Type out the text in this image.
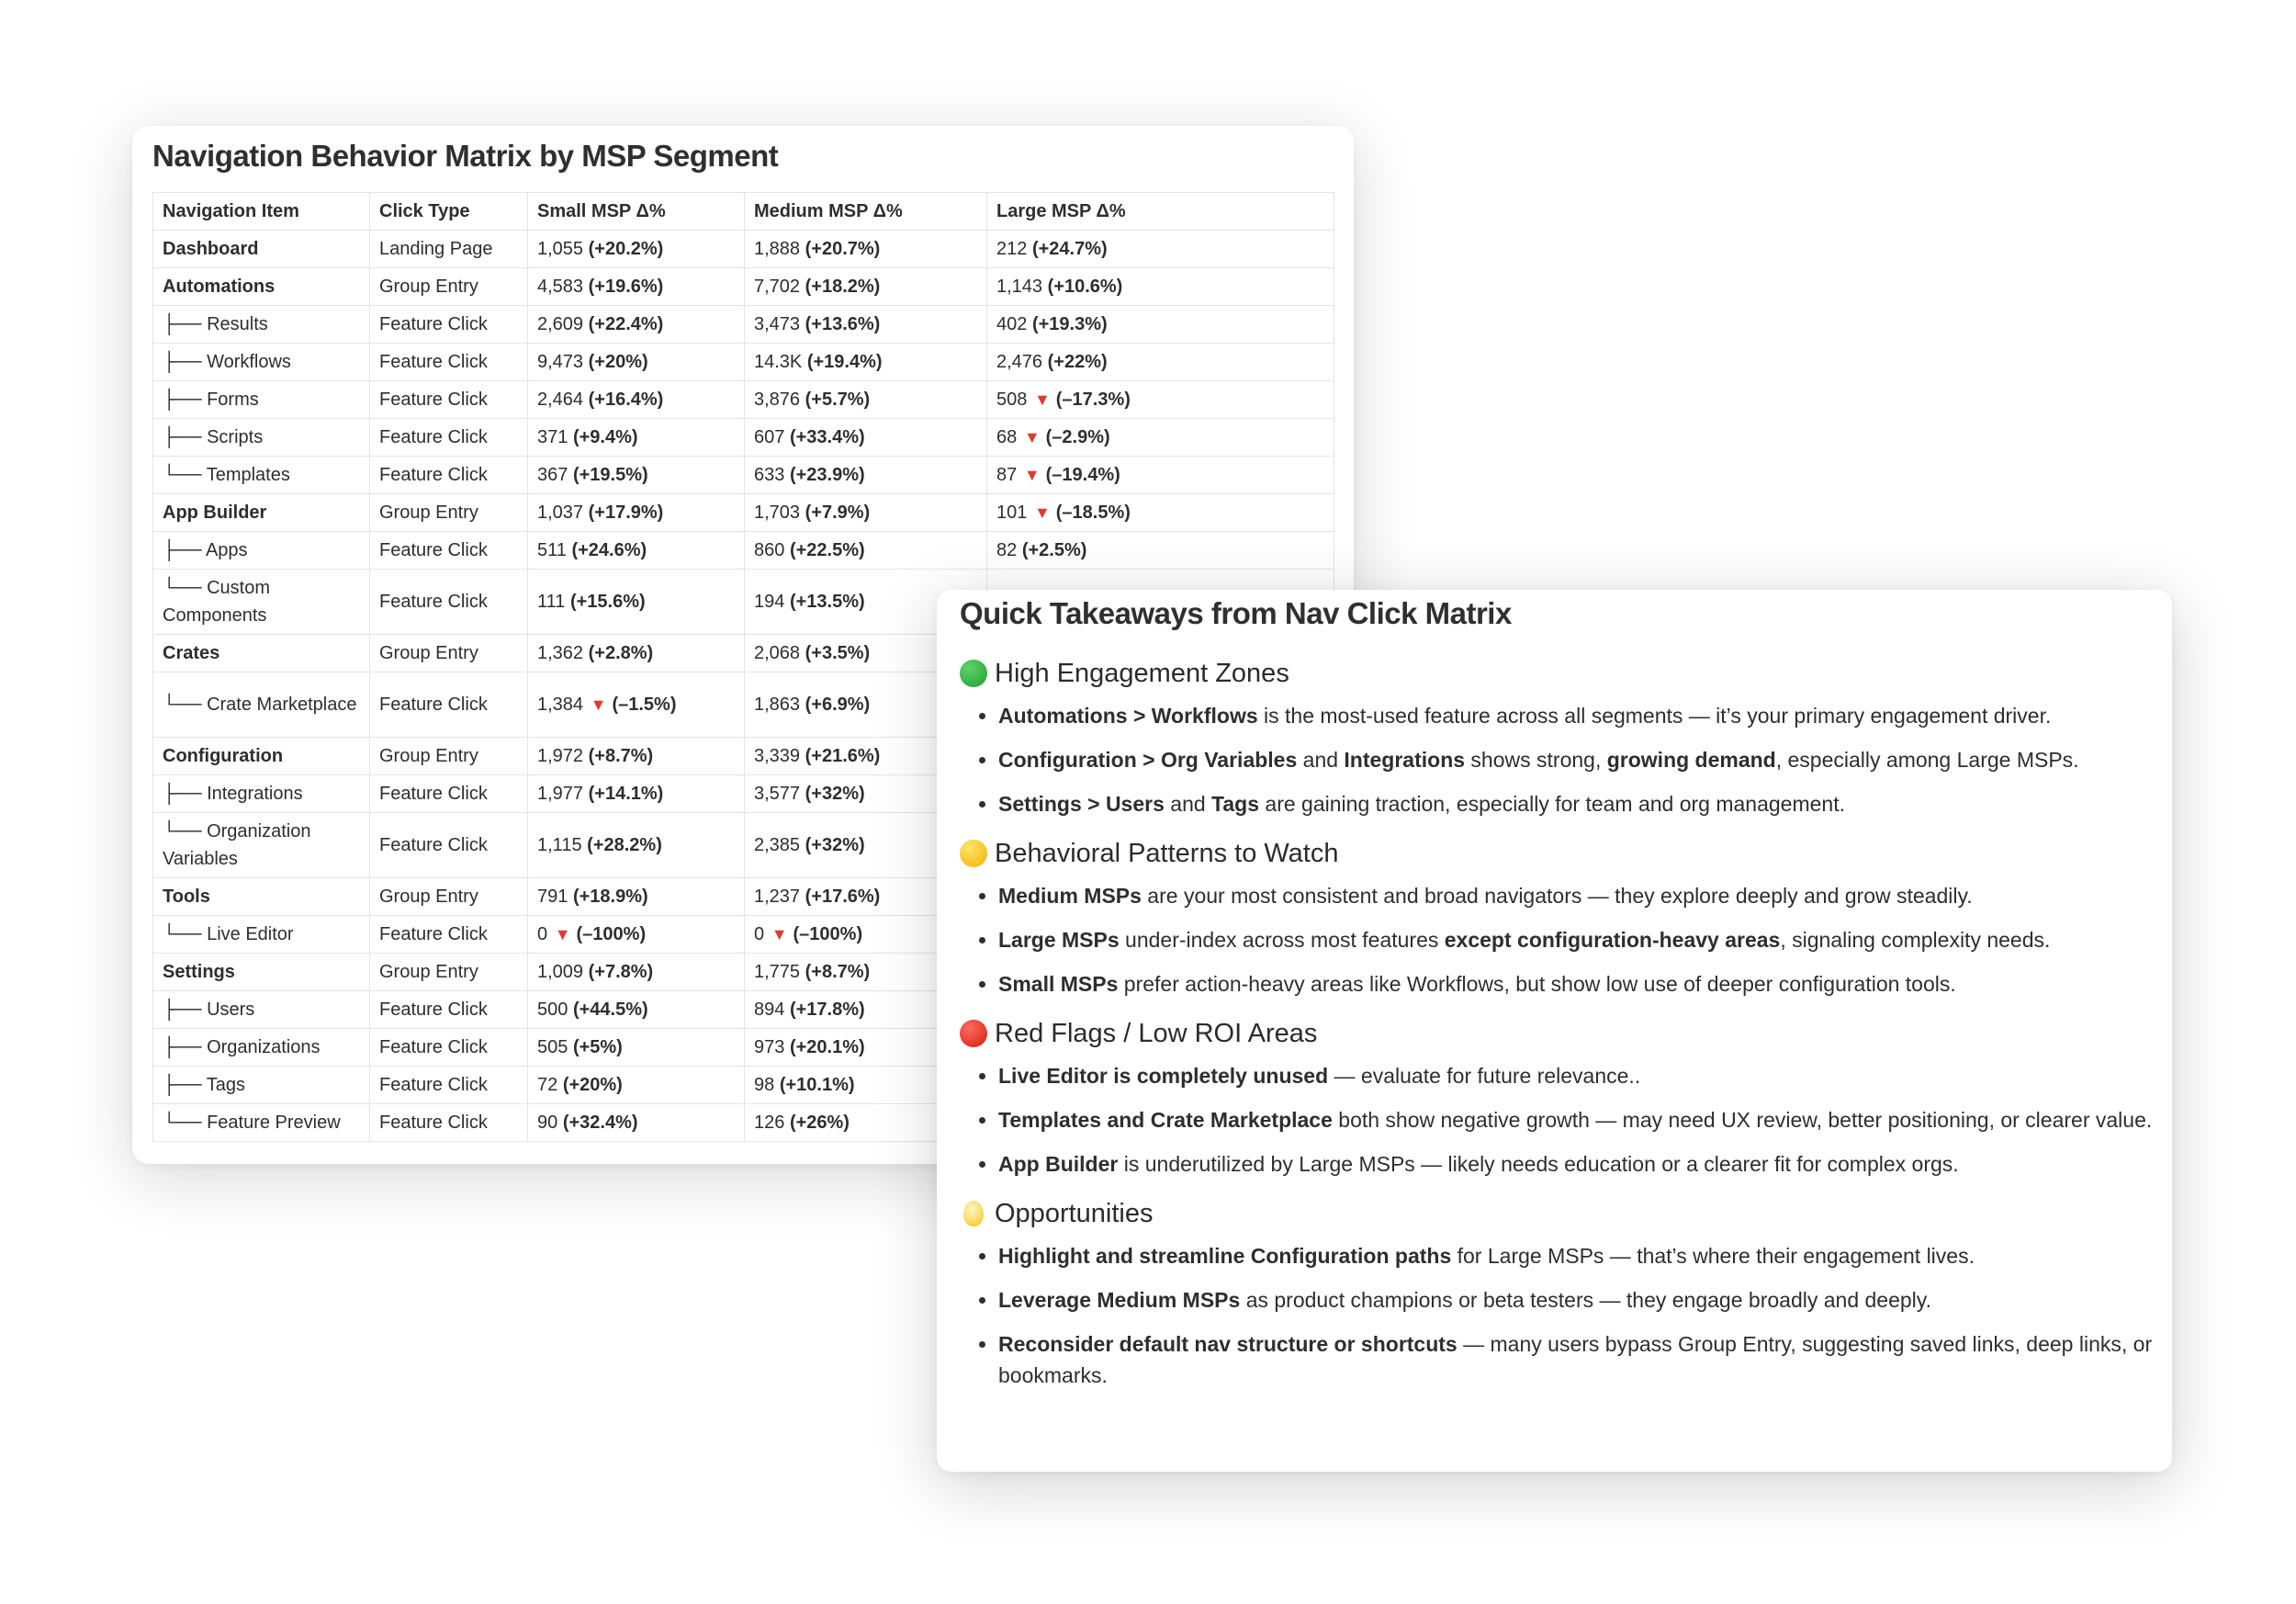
Navigation Behavior Matrix by MSP Segment
Navigation Item	Click Type	Small MSP Δ%	Medium MSP Δ%	Large MSP Δ%
Dashboard	Landing Page	1,055 (+20.2%)	1,888 (+20.7%)	212 (+24.7%)
Automations	Group Entry	4,583 (+19.6%)	7,702 (+18.2%)	1,143 (+10.6%)
├── Results	Feature Click	2,609 (+22.4%)	3,473 (+13.6%)	402 (+19.3%)
├── Workflows	Feature Click	9,473 (+20%)	14.3K (+19.4%)	2,476 (+22%)
├── Forms	Feature Click	2,464 (+16.4%)	3,876 (+5.7%)	508 ▼ (–17.3%)
├── Scripts	Feature Click	371 (+9.4%)	607 (+33.4%)	68 ▼ (–2.9%)
└── Templates	Feature Click	367 (+19.5%)	633 (+23.9%)	87 ▼ (–19.4%)
App Builder	Group Entry	1,037 (+17.9%)	1,703 (+7.9%)	101 ▼ (–18.5%)
├── Apps	Feature Click	511 (+24.6%)	860 (+22.5%)	82 (+2.5%)
└── Custom Components	Feature Click	111 (+15.6%)	194 (+13.5%)	
Crates	Group Entry	1,362 (+2.8%)	2,068 (+3.5%)	
└── Crate Marketplace	Feature Click	1,384 ▼ (–1.5%)	1,863 (+6.9%)	
Configuration	Group Entry	1,972 (+8.7%)	3,339 (+21.6%)	
├── Integrations	Feature Click	1,977 (+14.1%)	3,577 (+32%)	
└── Organization Variables	Feature Click	1,115 (+28.2%)	2,385 (+32%)	
Tools	Group Entry	791 (+18.9%)	1,237 (+17.6%)	
└── Live Editor	Feature Click	0 ▼ (–100%)	0 ▼ (–100%)	
Settings	Group Entry	1,009 (+7.8%)	1,775 (+8.7%)	
├── Users	Feature Click	500 (+44.5%)	894 (+17.8%)	
├── Organizations	Feature Click	505 (+5%)	973 (+20.1%)	
├── Tags	Feature Click	72 (+20%)	98 (+10.1%)	
└── Feature Preview	Feature Click	90 (+32.4%)	126 (+26%)	
Quick Takeaways from Nav Click Matrix
High Engagement Zones
• Automations > Workflows is the most-used feature across all segments — it’s your primary engagement driver.
• Configuration > Org Variables and Integrations shows strong, growing demand, especially among Large MSPs.
• Settings > Users and Tags are gaining traction, especially for team and org management.
Behavioral Patterns to Watch
• Medium MSPs are your most consistent and broad navigators — they explore deeply and grow steadily.
• Large MSPs under-index across most features except configuration-heavy areas, signaling complexity needs.
• Small MSPs prefer action-heavy areas like Workflows, but show low use of deeper configuration tools.
Red Flags / Low ROI Areas
• Live Editor is completely unused — evaluate for future relevance..
• Templates and Crate Marketplace both show negative growth — may need UX review, better positioning, or clearer value.
• App Builder is underutilized by Large MSPs — likely needs education or a clearer fit for complex orgs.
Opportunities
• Highlight and streamline Configuration paths for Large MSPs — that’s where their engagement lives.
• Leverage Medium MSPs as product champions or beta testers — they engage broadly and deeply.
• Reconsider default nav structure or shortcuts — many users bypass Group Entry, suggesting saved links, deep links, or bookmarks.
